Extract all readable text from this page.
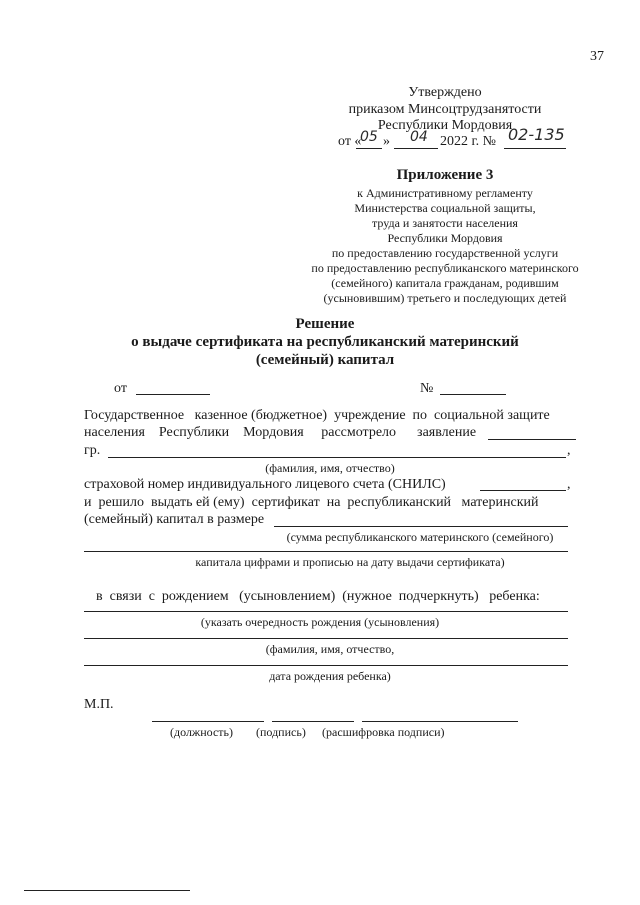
37
Утверждено
приказом Минсоцтрудзанятости
Республики Мордовия
от «
05 » 04 2022 г. № 02-135
Приложение 3
к Административному регламенту
Министерства социальной защиты,
труда и занятости населения
Республики Мордовия
по предоставлению государственной услуги
по предоставлению республиканского материнского
(семейного) капитала гражданам, родившим
(усыновившим) третьего и последующих детей
Решение
о выдаче сертификата на республиканский материнский
(семейный) капитал
от	№
Государственное   казенное (бюджетное)  учреждение  по  социальной защите
населения    Республики    Мордовия     рассмотрело      заявление
гр.	,
(фамилия, имя, отчество)
страховой номер индивидуального лицевого счета (СНИЛС)	,
и  решило  выдать ей (ему)  сертификат  на  республиканский   материнский
(семейный) капитал в размере
(сумма республиканского материнского (семейного)
капитала цифрами и прописью на дату выдачи сертификата)
в  связи  с  рождением   (усыновлением)  (нужное  подчеркнуть)   ребенка:
(указать очередность рождения (усыновления)
(фамилия, имя, отчество,
дата рождения ребенка)
М.П.
(должность) (подпись) (расшифровка подписи)
